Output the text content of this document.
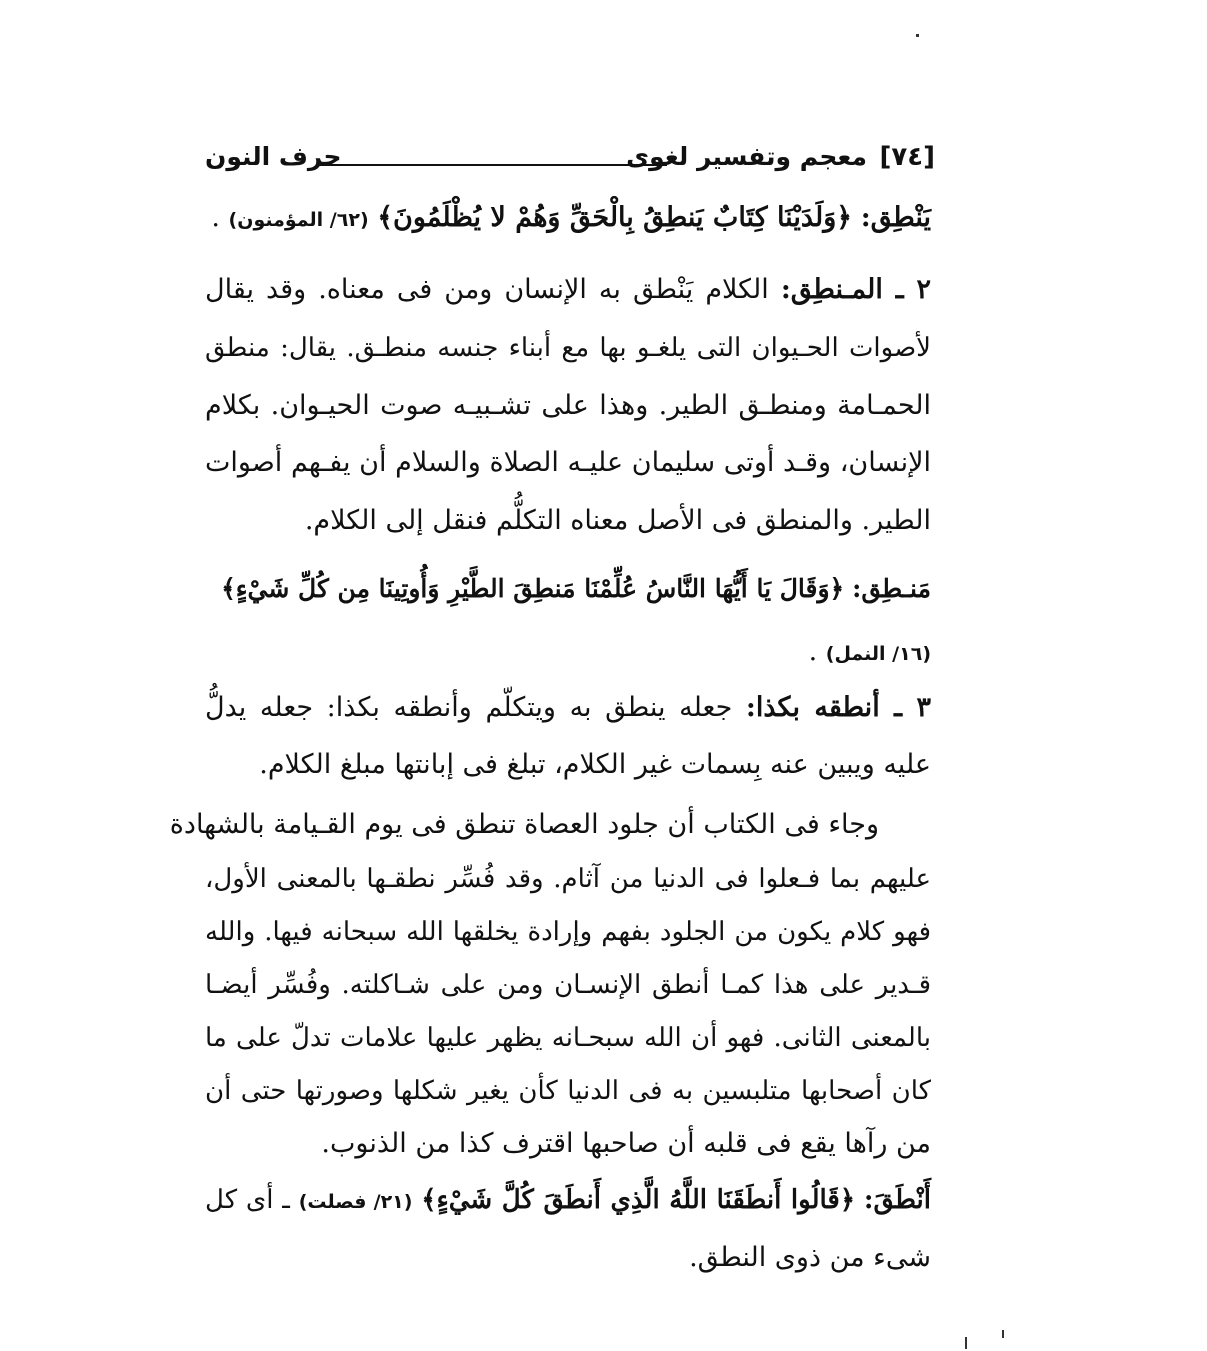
[٧٤]
معجم وتفسير لغوى
حرف النون
يَنْطِق: ﴿وَلَدَيْنَا كِتَابٌ يَنطِقُ بِالْحَقِّ وَهُمْ لا يُظْلَمُونَ﴾ (٦٢/ المؤمنون) .
٢ ـ المـنطِق: الكلام يَنْطق به الإنسان ومن فى معناه. وقد يقال
لأصوات الحـيوان التى يلغـو بها مع أبناء جنسه منطـق. يقال: منطق
الحمـامة ومنطـق الطير. وهذا على تشـبيـه صوت الحيـوان. بكلام
الإنسان، وقـد أوتى سليمان عليـه الصلاة والسلام أن يفـهم أصوات
الطير. والمنطق فى الأصل معناه التكلُّم فنقل إلى الكلام.
مَنـطِق: ﴿وَقَالَ يَا أَيُّهَا النَّاسُ عُلِّمْنَا مَنطِقَ الطَّيْرِ وَأُوتِينَا مِن كُلِّ شَيْءٍ﴾
(١٦/ النمل) .
٣ ـ أنطقه بكذا: جعله ينطق به ويتكلّم وأنطقه بكذا: جعله يدلُّ
عليه ويبين عنه بِسمات غير الكلام، تبلغ فى إبانتها مبلغ الكلام.
وجاء فى الكتاب أن جلود العصاة تنطق فى يوم القـيامة بالشهادة
عليهم بما فـعلوا فى الدنيا من آثام. وقد فُسِّر نطقـها بالمعنى الأول،
فهو كلام يكون من الجلود بفهم وإرادة يخلقها الله سبحانه فيها. والله
قـدير على هذا كمـا أنطق الإنسـان ومن على شـاكلته. وفُسِّر أيضـا
بالمعنى الثانى. فهو أن الله سبحـانه يظهر عليها علامات تدلّ على ما
كان أصحابها متلبسين به فى الدنيا كأن يغير شكلها وصورتها حتى أن
من رآها يقع فى قلبه أن صاحبها اقترف كذا من الذنوب.
أَنْطَقَ: ﴿قَالُوا أَنطَقَنَا اللَّهُ الَّذِي أَنطَقَ كُلَّ شَيْءٍ﴾ (٢١/ فصلت) ـ أى كل
شىء من ذوى النطق.
